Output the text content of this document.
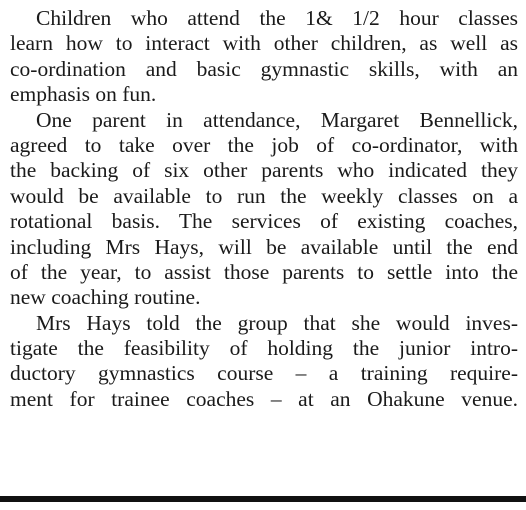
Children who attend the 1& 1/2 hour classes
learn how to interact with other children, as well as
co-ordination and basic gymnastic skills, with an
emphasis on fun.
One parent in attendance, Margaret Bennellick,
agreed to take over the job of co-ordinator, with
the backing of six other parents who indicated they
would be available to run the weekly classes on a
rotational basis. The services of existing coaches,
including Mrs Hays, will be available until the end
of the year, to assist those parents to settle into the
new coaching routine.
Mrs Hays told the group that she would inves-
tigate the feasibility of holding the junior intro-
ductory gymnastics course – a training require-
ment for trainee coaches – at an Ohakune venue.
